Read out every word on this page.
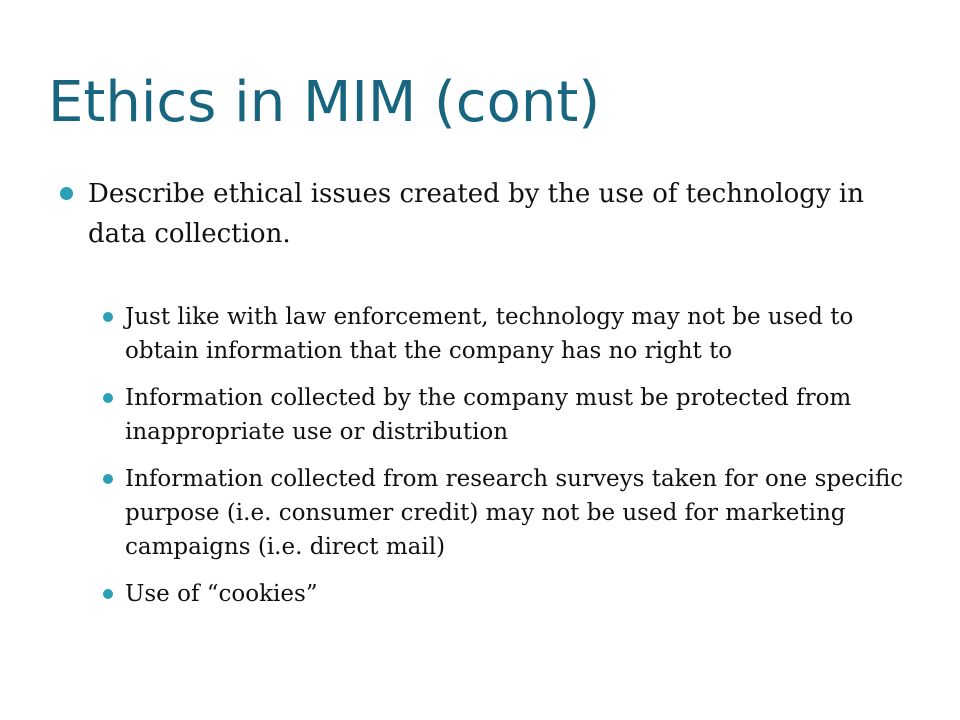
Ethics in MIM (cont)
Describe ethical issues created by the use of technology in data collection.
Just like with law enforcement, technology may not be used to obtain information that the company has no right to
Information collected by the company must be protected from inappropriate use or distribution
Information collected from research surveys taken for one specific purpose (i.e. consumer credit) may not be used for marketing campaigns (i.e. direct mail)
Use of “cookies”
